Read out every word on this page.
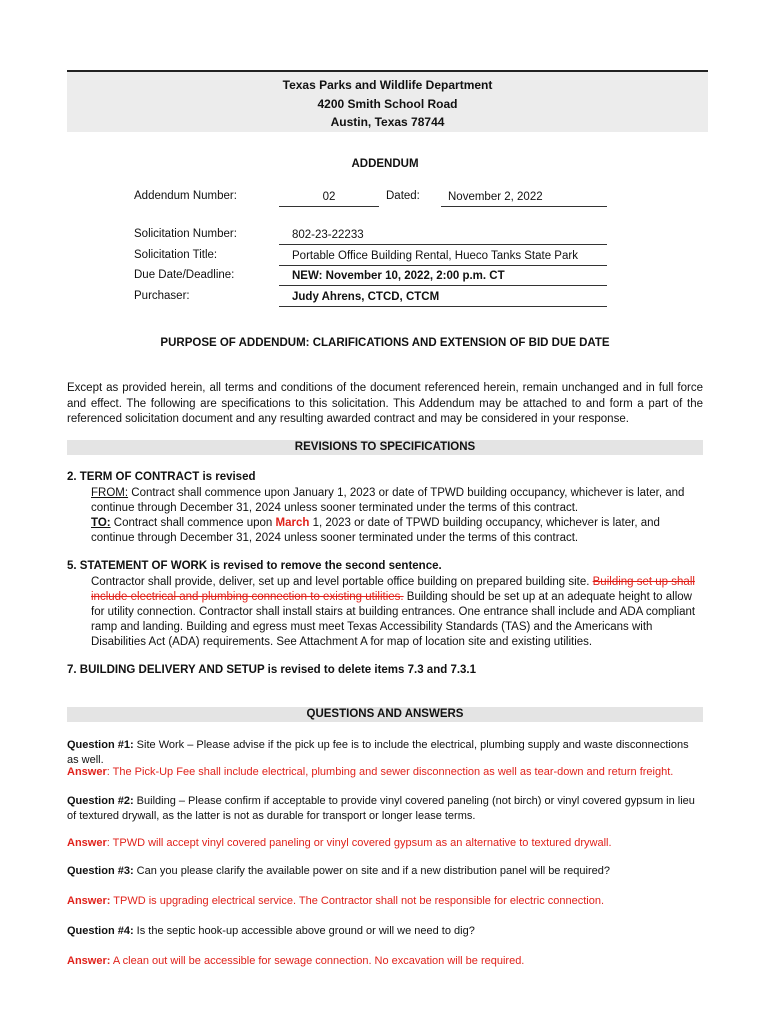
Texas Parks and Wildlife Department
4200 Smith School Road
Austin, Texas 78744
ADDENDUM
Addendum Number:	02	Dated:	November 2, 2022
Solicitation Number:	802-23-22233
Solicitation Title:	Portable Office Building Rental, Hueco Tanks State Park
Due Date/Deadline:	NEW: November 10, 2022, 2:00 p.m. CT
Purchaser:	Judy Ahrens, CTCD, CTCM
PURPOSE OF ADDENDUM: CLARIFICATIONS AND EXTENSION OF BID DUE DATE
Except as provided herein, all terms and conditions of the document referenced herein, remain unchanged and in full force and effect. The following are specifications to this solicitation. This Addendum may be attached to and form a part of the referenced solicitation document and any resulting awarded contract and may be considered in your response.
REVISIONS TO SPECIFICATIONS
2. TERM OF CONTRACT is revised
FROM: Contract shall commence upon January 1, 2023 or date of TPWD building occupancy, whichever is later, and continue through December 31, 2024 unless sooner terminated under the terms of this contract.
TO: Contract shall commence upon March 1, 2023 or date of TPWD building occupancy, whichever is later, and continue through December 31, 2024 unless sooner terminated under the terms of this contract.
5. STATEMENT OF WORK is revised to remove the second sentence.
Contractor shall provide, deliver, set up and level portable office building on prepared building site. Building set up shall include electrical and plumbing connection to existing utilities. Building should be set up at an adequate height to allow for utility connection. Contractor shall install stairs at building entrances. One entrance shall include and ADA compliant ramp and landing. Building and egress must meet Texas Accessibility Standards (TAS) and the Americans with Disabilities Act (ADA) requirements. See Attachment A for map of location site and existing utilities.
7. BUILDING DELIVERY AND SETUP is revised to delete items 7.3 and 7.3.1
QUESTIONS AND ANSWERS
Question #1: Site Work – Please advise if the pick up fee is to include the electrical, plumbing supply and waste disconnections as well.
Answer: The Pick-Up Fee shall include electrical, plumbing and sewer disconnection as well as tear-down and return freight.
Question #2: Building – Please confirm if acceptable to provide vinyl covered paneling (not birch) or vinyl covered gypsum in lieu of textured drywall, as the latter is not as durable for transport or longer lease terms.
Answer: TPWD will accept vinyl covered paneling or vinyl covered gypsum as an alternative to textured drywall.
Question #3: Can you please clarify the available power on site and if a new distribution panel will be required?
Answer: TPWD is upgrading electrical service. The Contractor shall not be responsible for electric connection.
Question #4: Is the septic hook-up accessible above ground or will we need to dig?
Answer: A clean out will be accessible for sewage connection. No excavation will be required.
